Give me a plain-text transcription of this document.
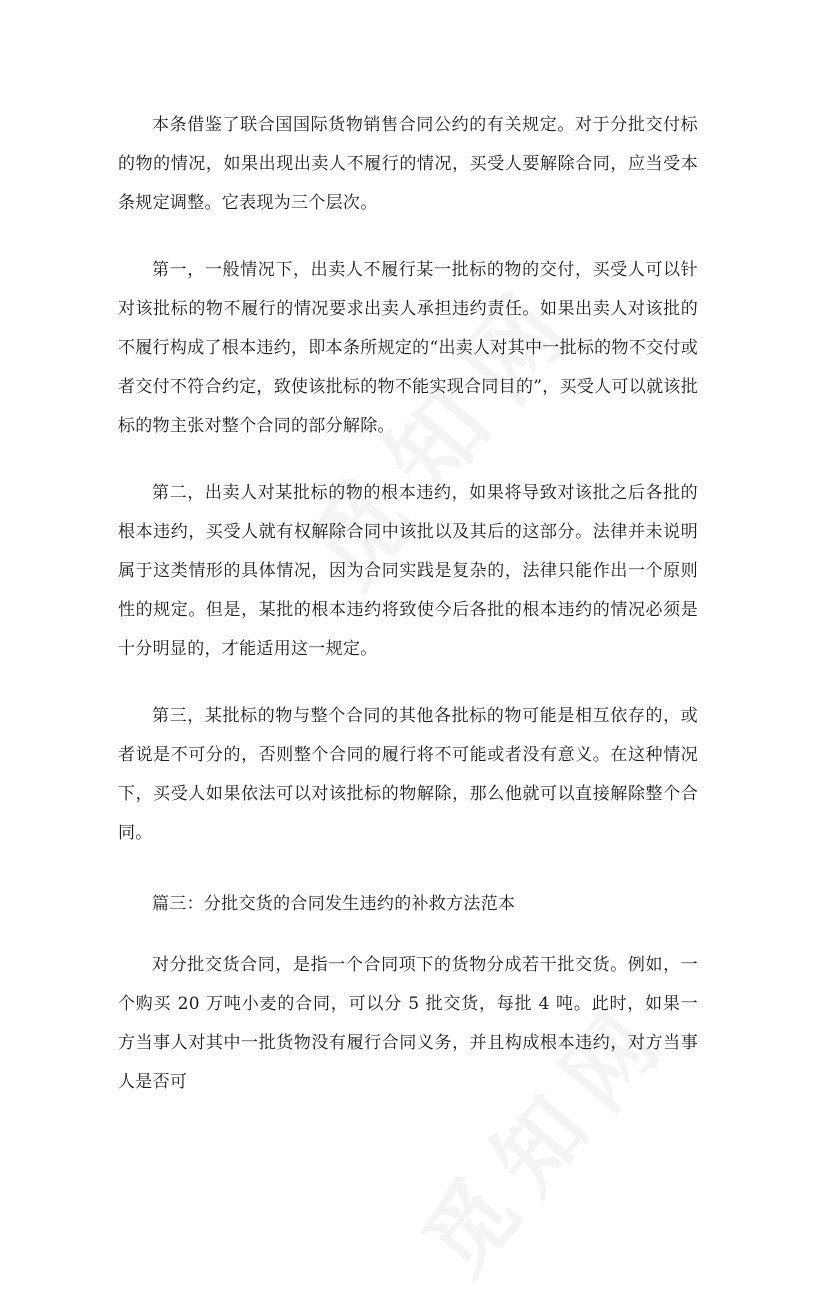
本条借鉴了联合国国际货物销售合同公约的有关规定。对于分批交付标的物的情况，如果出现出卖人不履行的情况，买受人要解除合同，应当受本条规定调整。它表现为三个层次。

第一，一般情况下，出卖人不履行某一批标的物的交付，买受人可以针对该批标的物不履行的情况要求出卖人承担违约责任。如果出卖人对该批的不履行构成了根本违约，即本条所规定的“出卖人对其中一批标的物不交付或者交付不符合约定，致使该批标的物不能实现合同目的”，买受人可以就该批标的物主张对整个合同的部分解除。

第二，出卖人对某批标的物的根本违约，如果将导致对该批之后各批的根本违约，买受人就有权解除合同中该批以及其后的这部分。法律并未说明属于这类情形的具体情况，因为合同实践是复杂的，法律只能作出一个原则性的规定。但是，某批的根本违约将致使今后各批的根本违约的情况必须是十分明显的，才能适用这一规定。

第三，某批标的物与整个合同的其他各批标的物可能是相互依存的，或者说是不可分的，否则整个合同的履行将不可能或者没有意义。在这种情况下，买受人如果依法可以对该批标的物解除，那么他就可以直接解除整个合同。

篇三：分批交货的合同发生违约的补救方法范本

对分批交货合同，是指一个合同项下的货物分成若干批交货。例如，一个购买 20 万吨小麦的合同，可以分 5 批交货，每批 4 吨。此时，如果一方当事人对其中一批货物没有履行合同义务，并且构成根本违约，对方当事人是否可
